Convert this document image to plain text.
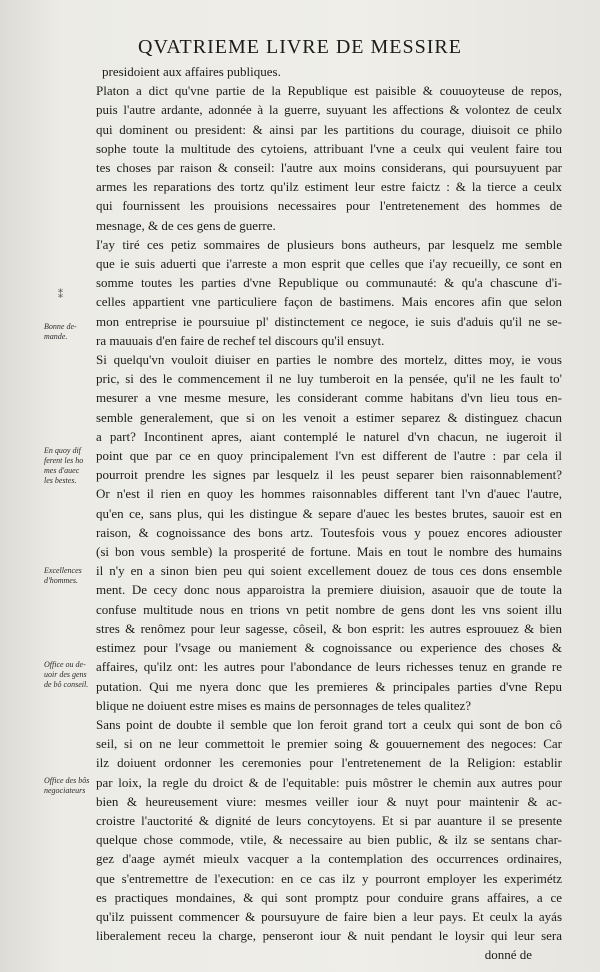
QVATRIEME LIVRE DE MESSIRE
⁑
Bonne de-
mande.
En quoy dif
ferent les ho
mes d'auec
les bestes.
Excellences
d'hommes.
Office ou de-
uoir des gens
de bô conseil.
Office des bôs
negociateurs
presidoient aux affaires publiques.
Platon a dict qu'vne partie de la Republique est paisible & couuoyteuse de repos,
puis l'autre ardante, adonnée à la guerre, suyuant les affections & volontez de ceulx
qui dominent ou president: & ainsi par les partitions du courage, diuisoit ce philo
sophe toute la multitude des cytoiens, attribuant l'vne a ceulx qui veulent faire tou
tes choses par raison & conseil: l'autre aux moins considerans, qui poursuyuent par
armes les reparations des tortz qu'ilz estiment leur estre faictz : & la tierce a ceulx
qui fournissent les prouisions necessaires pour l'entretenement des hommes de
mesnage, & de ces gens de guerre.
I'ay tiré ces petiz sommaires de plusieurs bons autheurs, par lesquelz me semble
que ie suis aduerti que i'arreste a mon esprit que celles que i'ay recueilly, ce sont en
somme toutes les parties d'vne Republique ou communauté: & qu'a chascune d'i-
celles appartient vne particuliere façon de bastimens. Mais encores afin que selon
mon entreprise ie poursuiue pl' distinctement ce negoce, ie suis d'aduis qu'il ne se-
ra mauuais d'en faire de rechef tel discours qu'il ensuyt.
Si quelqu'vn vouloit diuiser en parties le nombre des mortelz, dittes moy, ie vous
pric, si des le commencement il ne luy tumberoit en la pensée, qu'il ne les fault to'
mesurer a vne mesme mesure, les considerant comme habitans d'vn lieu tous en-
semble generalement, que si on les venoit a estimer separez & distinguez chacun
a part? Incontinent apres, aiant contemplé le naturel d'vn chacun, ne iugeroit il
point que par ce en quoy principalement l'vn est different de l'autre : par cela il
pourroit prendre les signes par lesquelz il les peust separer bien raisonnablement?
Or n'est il rien en quoy les hommes raisonnables different tant l'vn d'auec l'autre,
qu'en ce, sans plus, qui les distingue & separe d'auec les bestes brutes, sauoir est en
raison, & cognoissance des bons artz. Toutesfois vous y pouez encores adiouster
(si bon vous semble) la prosperité de fortune. Mais en tout le nombre des humains
il n'y en a sinon bien peu qui soient excellement douez de tous ces dons ensemble
ment. De cecy donc nous apparoistra la premiere diuision, asauoir que de toute la
confuse multitude nous en trions vn petit nombre de gens dont les vns soient illu
stres & renômez pour leur sagesse, côseil, & bon esprit: les autres esprouuez & bien
estimez pour l'vsage ou maniement & cognoissance ou experience des choses &
affaires, qu'ilz ont: les autres pour l'abondance de leurs richesses tenuz en grande re
putation. Qui me nyera donc que les premieres & principales parties d'vne Repu
blique ne doiuent estre mises es mains de personnages de teles qualitez?
Sans point de doubte il semble que lon feroit grand tort a ceulx qui sont de bon cô
seil, si on ne leur commettoit le premier soing & gouuernement des negoces: Car
ilz doiuent ordonner les ceremonies pour l'entretenement de la Religion: establir
par loix, la regle du droict & de l'equitable: puis môstrer le chemin aux autres pour
bien & heureusement viure: mesmes veiller iour & nuyt pour maintenir & ac-
croistre l'auctorité & dignité de leurs concytoyens. Et si par auanture il se presente
quelque chose commode, vtile, & necessaire au bien public, & ilz se sentans char-
gez d'aage aymét mieulx vacquer a la contemplation des occurrences ordinaires,
que s'entremettre de l'execution: en ce cas ilz y pourront employer les experimétz
es practiques mondaines, & qui sont promptz pour conduire grans affaires, a ce
qu'ilz puissent commencer & poursuyure de faire bien a leur pays. Et ceulx la ayás
liberalement receu la charge, penseront iour & nuit pendant le loysir qui leur sera
donné de
